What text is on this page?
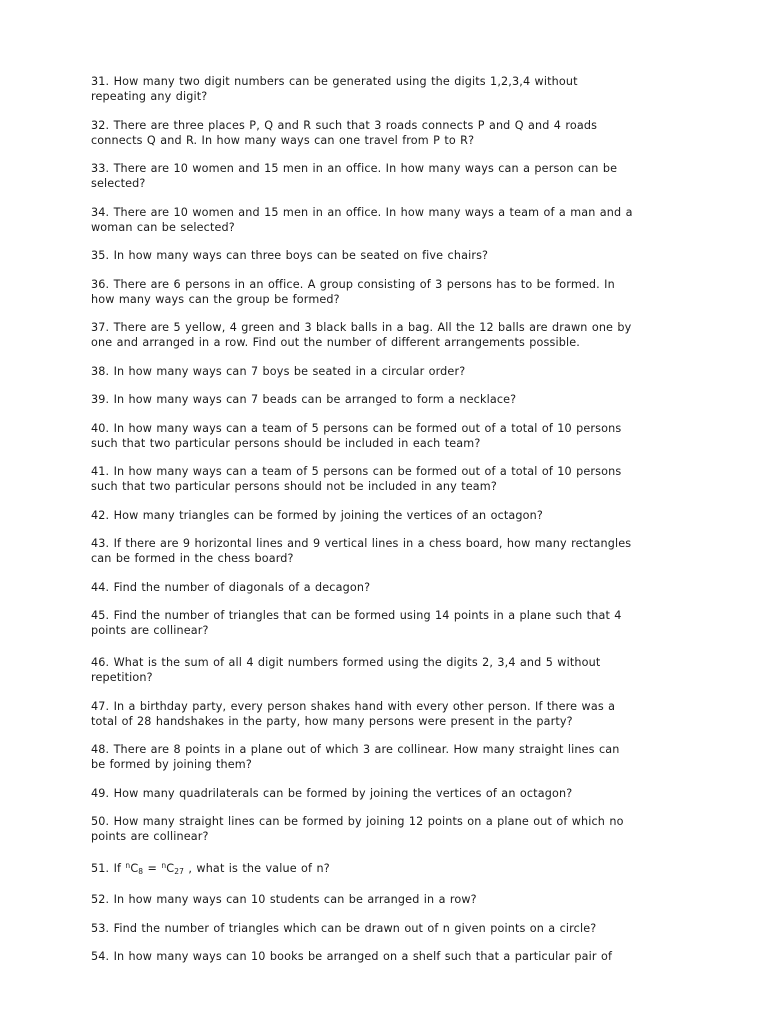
31. How many two digit numbers can be generated using the digits 1,2,3,4 without
repeating any digit?

32. There are three places P, Q and R such that 3 roads connects P and Q and 4 roads
connects Q and R. In how many ways can one travel from P to R?

33. There are 10 women and 15 men in an office. In how many ways can a person can be
selected?

34. There are 10 women and 15 men in an office. In how many ways a team of a man and a
woman can be selected?

35. In how many ways can three boys can be seated on five chairs?

36. There are 6 persons in an office. A group consisting of 3 persons has to be formed. In
how many ways can the group be formed?

37. There are 5 yellow, 4 green and 3 black balls in a bag. All the 12 balls are drawn one by
one and arranged in a row. Find out the number of different arrangements possible.

38. In how many ways can 7 boys be seated in a circular order?

39. In how many ways can 7 beads can be arranged to form a necklace?

40. In how many ways can a team of 5 persons can be formed out of a total of 10 persons
such that two particular persons should be included in each team?

41. In how many ways can a team of 5 persons can be formed out of a total of 10 persons
such that two particular persons should not be included in any team?

42. How many triangles can be formed by joining the vertices of an octagon?

43. If there are 9 horizontal lines and 9 vertical lines in a chess board, how many rectangles
can be formed in the chess board?

44. Find the number of diagonals of a decagon?

45. Find the number of triangles that can be formed using 14 points in a plane such that 4
points are collinear?

46. What is the sum of all 4 digit numbers formed using the digits 2, 3,4 and 5 without
repetition?

47. In a birthday party, every person shakes hand with every other person. If there was a
total of 28 handshakes in the party, how many persons were present in the party?

48. There are 8 points in a plane out of which 3 are collinear. How many straight lines can
be formed by joining them?

49. How many quadrilaterals can be formed by joining the vertices of an octagon?

50. How many straight lines can be formed by joining 12 points on a plane out of which no
points are collinear?

51. If $^nC_8 = ^nC_{27}$ , what is the value of n?

52. In how many ways can 10 students can be arranged in a row?

53. Find the number of triangles which can be drawn out of n given points on a circle?

54. In how many ways can 10 books be arranged on a shelf such that a particular pair of
